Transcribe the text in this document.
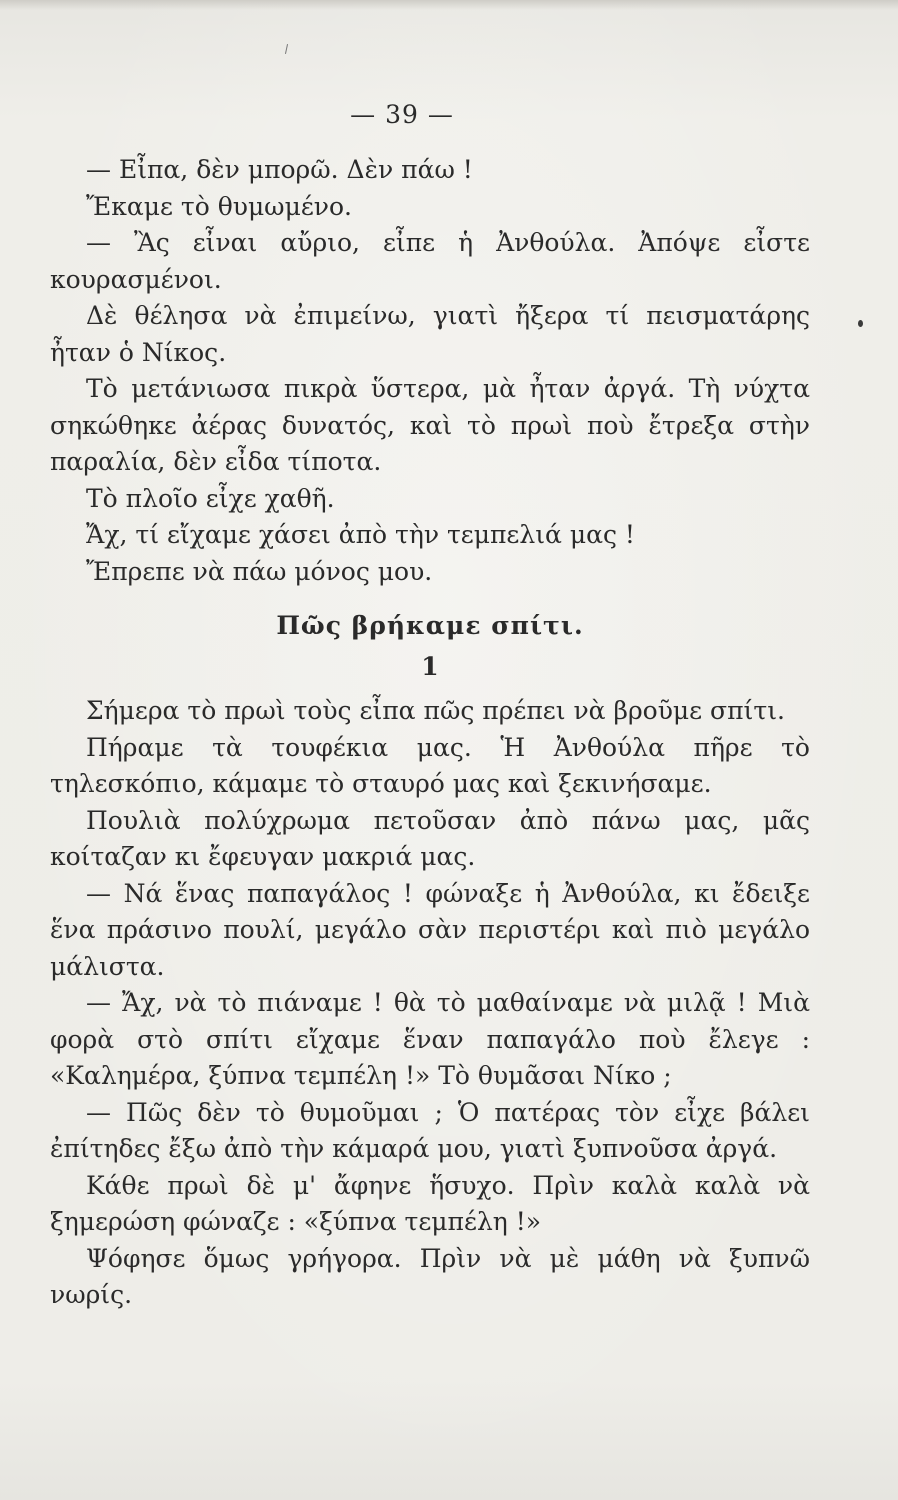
— 39 —

— Εἶπα, δὲν μπορῶ. Δὲν πάω !

Ἔκαμε τὸ θυμωμένο.

— Ἂς εἶναι αὔριο, εἶπε ἡ Ἀνθούλα. Ἀπόψε εἶστε κουρασμένοι.

Δὲ θέλησα νὰ ἐπιμείνω, γιατὶ ἤξερα τί πεισματάρης ἦταν ὁ Νίκος.

Τὸ μετάνιωσα πικρὰ ὕστερα, μὰ ἦταν ἀργά. Τὴ νύχτα σηκώθηκε ἀέρας δυνατός, καὶ τὸ πρωὶ ποὺ ἔτρεξα στὴν παραλία, δὲν εἶδα τίποτα.

Τὸ πλοῖο εἶχε χαθῆ.

Ἄχ, τί εἴχαμε χάσει ἀπὸ τὴν τεμπελιά μας !

Ἔπρεπε νὰ πάω μόνος μου.

Πῶς βρήκαμε σπίτι.

1

Σήμερα τὸ πρωὶ τοὺς εἶπα πῶς πρέπει νὰ βροῦμε σπίτι.

Πήραμε τὰ τουφέκια μας. Ἡ Ἀνθούλα πῆρε τὸ τηλεσκόπιο, κάμαμε τὸ σταυρό μας καὶ ξεκινήσαμε.

Πουλιὰ πολύχρωμα πετοῦσαν ἀπὸ πάνω μας, μᾶς κοίταζαν κι ἔφευγαν μακριά μας.

— Νά ἕνας παπαγάλος ! φώναξε ἡ Ἀνθούλα, κι ἔδειξε ἕνα πράσινο πουλί, μεγάλο σὰν περιστέρι καὶ πιὸ μεγάλο μάλιστα.

— Ἄχ, νὰ τὸ πιάναμε ! θὰ τὸ μαθαίναμε νὰ μιλᾷ ! Μιὰ φορὰ στὸ σπίτι εἴχαμε ἕναν παπαγάλο ποὺ ἔλεγε : «Καλημέρα, ξύπνα τεμπέλη !» Τὸ θυμᾶσαι Νίκο ;

— Πῶς δὲν τὸ θυμοῦμαι ; Ὁ πατέρας τὸν εἶχε βάλει ἐπίτηδες ἔξω ἀπὸ τὴν κάμαρά μου, γιατὶ ξυπνοῦσα ἀργά.

Κάθε πρωὶ δὲ μ' ἄφηνε ἥσυχο. Πρὶν καλὰ καλὰ νὰ ξημερώση φώναζε : «ξύπνα τεμπέλη !»

Ψόφησε ὅμως γρήγορα. Πρὶν νὰ μὲ μάθη νὰ ξυπνῶ νωρίς.
